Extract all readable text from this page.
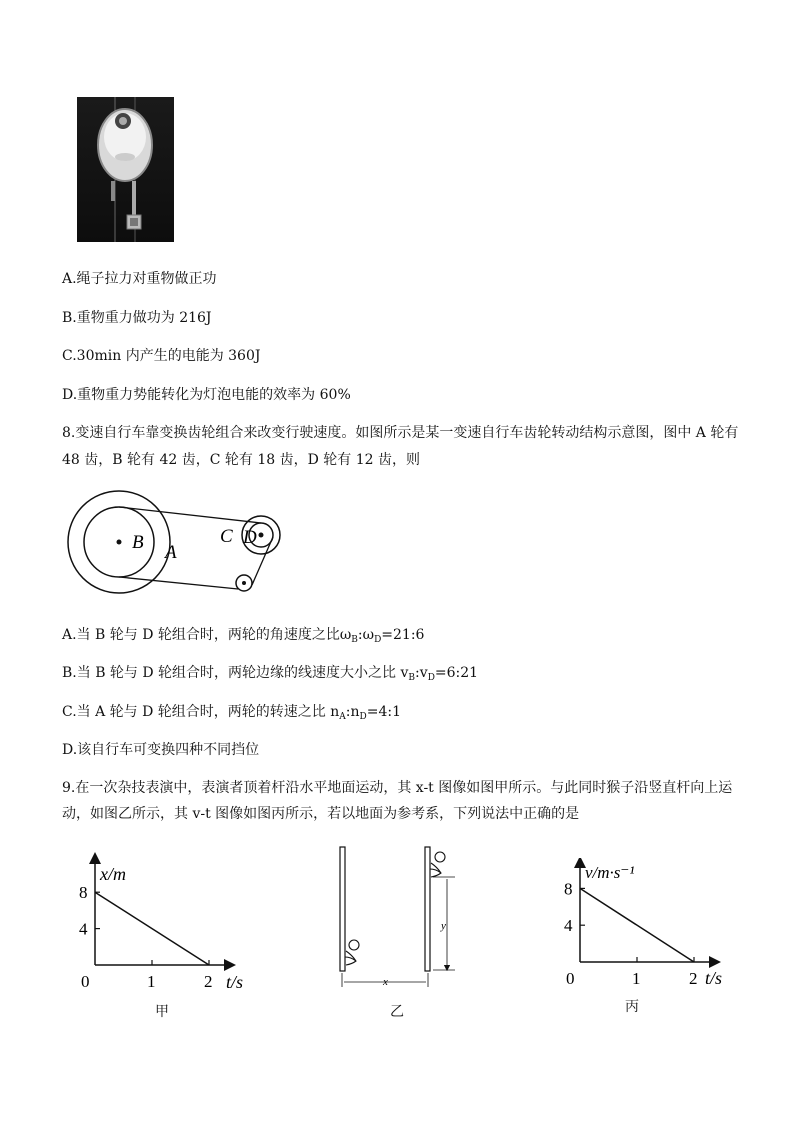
A.绳子拉力对重物做正功
B.重物重力做功为 216J
C.30min 内产生的电能为 360J
D.重物重力势能转化为灯泡电能的效率为 60%
8.变速自行车靠变换齿轮组合来改变行驶速度。如图所示是某一变速自行车齿轮转动结构示意图，图中 A 轮有
48 齿，B 轮有 42 齿，C 轮有 18 齿，D 轮有 12 齿，则
B A
C D
A.当 B 轮与 D 轮组合时，两轮的角速度之比$\omega_B:\omega_D=21:6$
B.当 B 轮与 D 轮组合时，两轮边缘的线速度大小之比 $v_B:v_D=6:21$
C.当 A 轮与 D 轮组合时，两轮的转速之比 $n_A:n_D=4:1$
D.该自行车可变换四种不同挡位
9.在一次杂技表演中，表演者顶着杆沿水平地面运动，其 x-t 图像如图甲所示。与此同时猴子沿竖直杆向上运
动，如图乙所示，其 v-t 图像如图丙所示，若以地面为参考系，下列说法中正确的是
x/m
t/s
0	1	2
4
8
y
x
v/m·s⁻¹
t/s
0	1	2
4
8
甲	乙	丙
